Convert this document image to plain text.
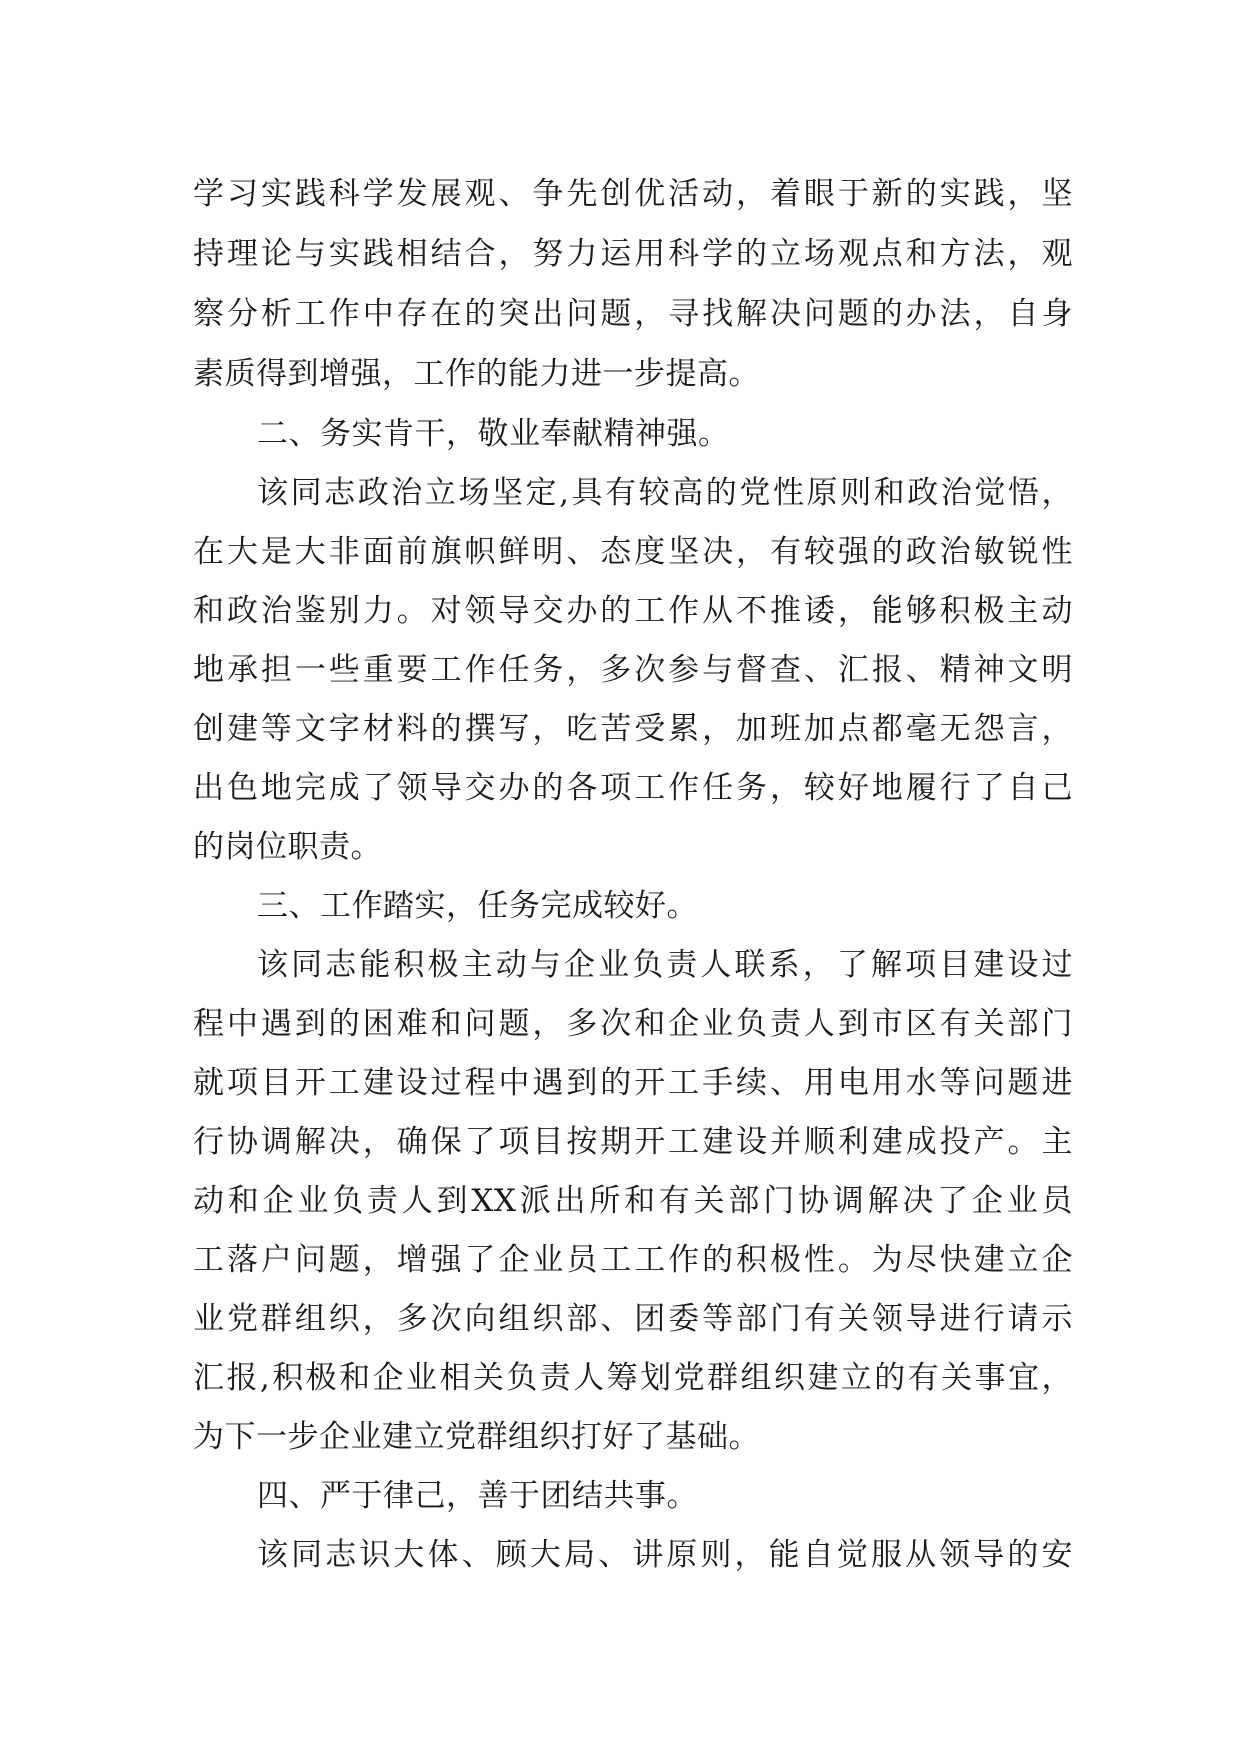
学习实践科学发展观、争先创优活动，着眼于新的实践，坚
持理论与实践相结合，努力运用科学的立场观点和方法，观
察分析工作中存在的突出问题，寻找解决问题的办法，自身
素质得到增强，工作的能力进一步提高。
二、务实肯干，敬业奉献精神强。
该同志政治立场坚定,具有较高的党性原则和政治觉悟，
在大是大非面前旗帜鲜明、态度坚决，有较强的政治敏锐性
和政治鉴别力。对领导交办的工作从不推诿，能够积极主动
地承担一些重要工作任务，多次参与督查、汇报、精神文明
创建等文字材料的撰写，吃苦受累，加班加点都毫无怨言，
出色地完成了领导交办的各项工作任务，较好地履行了自己
的岗位职责。
三、工作踏实，任务完成较好。
该同志能积极主动与企业负责人联系，了解项目建设过
程中遇到的困难和问题，多次和企业负责人到市区有关部门
就项目开工建设过程中遇到的开工手续、用电用水等问题进
行协调解决，确保了项目按期开工建设并顺利建成投产。主
动和企业负责人到XX派出所和有关部门协调解决了企业员
工落户问题，增强了企业员工工作的积极性。为尽快建立企
业党群组织，多次向组织部、团委等部门有关领导进行请示
汇报,积极和企业相关负责人筹划党群组织建立的有关事宜，
为下一步企业建立党群组织打好了基础。
四、严于律己，善于团结共事。
该同志识大体、顾大局、讲原则，能自觉服从领导的安
